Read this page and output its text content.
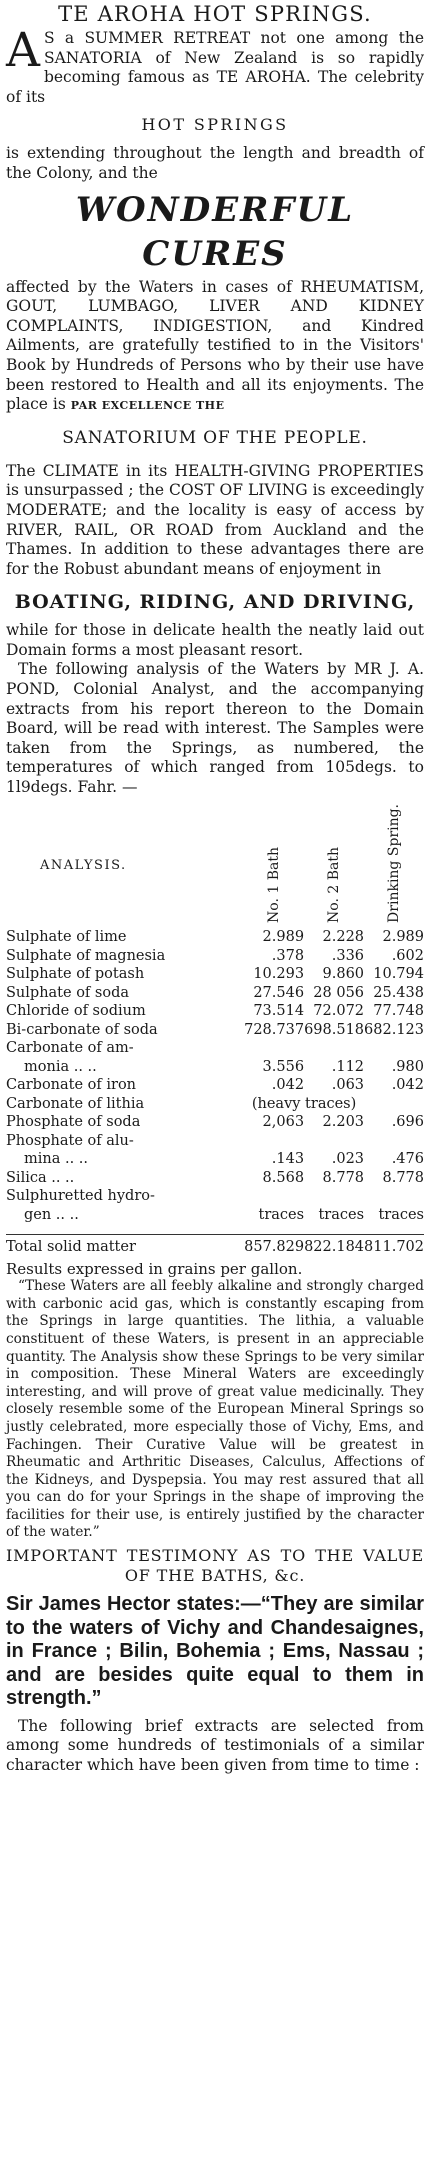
TE AROHA HOT SPRINGS.

A S a SUMMER RETREAT not one among the SANATORIA of New Zealand is so rapidly becoming famous as TE AROHA. The celebrity of its

HOT SPRINGS

is extending throughout the length and breadth of the Colony, and the

WONDERFUL CURES

affected by the Waters in cases of RHEUMATISM, GOUT, LUMBAGO, LIVER AND KIDNEY COMPLAINTS, INDIGESTION, and Kindred Ailments, are gratefully testified to in the Visitors' Book by Hundreds of Persons who by their use have been restored to Health and all its enjoyments. The place is PAR EXCELLENCE THE

SANATORIUM OF THE PEOPLE.

The CLIMATE in its HEALTH-GIVING PROPERTIES is unsurpassed ; the COST OF LIVING is exceedingly MODERATE; and the locality is easy of access by RIVER, RAIL, OR ROAD from Auckland and the Thames. In addition to these advantages there are for the Robust abundant means of enjoyment in

BOATING, RIDING, AND DRIVING,

while for those in delicate health the neatly laid out Domain forms a most pleasant resort.

The following analysis of the Waters by MR J. A. POND, Colonial Analyst, and the accompanying extracts from his report thereon to the Domain Board, will be read with interest. The Samples were taken from the Springs, as numbered, the temperatures of which ranged from 105degs. to 1l9degs. Fahr. —

ANALYSIS.	No. 1 Bath	No. 2 Bath	Drinking Spring.
Sulphate of lime	2.989	2.228	2.989
Sulphate of magnesia	.378	.336	.602
Sulphate of potash	10.293	9.860	10.794
Sulphate of soda	27.546	28 056	25.438
Chloride of sodium	73.514	72.072	77.748
Bi-carbonate of soda	728.737	698.518	682.123
Carbonate of am-			
monia .. ..	3.556	.112	.980
Carbonate of iron	.042	.063	.042
Carbonate of lithia	(heavy traces)		
Phosphate of soda	2,063	2.203	.696
Phosphate of alu-			
mina .. ..	.143	.023	.476
Silica .. ..	8.568	8.778	8.778
Sulphuretted hydro-			
gen .. ..	traces	traces	traces

Total solid matter	857.829	822.184	811.702

Results expressed in grains per gallon.

“These Waters are all feebly alkaline and strongly charged with carbonic acid gas, which is constantly escaping from the Springs in large quantities. The lithia, a valuable constituent of these Waters, is present in an appreciable quantity. The Analysis show these Springs to be very similar in composition. These Mineral Waters are exceedingly interesting, and will prove of great value medicinally. They closely resemble some of the European Mineral Springs so justly celebrated, more especially those of Vichy, Ems, and Fachingen. Their Curative Value will be greatest in Rheumatic and Arthritic Diseases, Calculus, Affections of the Kidneys, and Dyspepsia. You may rest assured that all you can do for your Springs in the shape of improving the facilities for their use, is entirely justified by the character of the water.”

IMPORTANT TESTIMONY AS TO THE VALUE OF THE BATHS, &c.

Sir James Hector states:—“They are similar to the waters of Vichy and Chandesaignes, in France ; Bilin, Bohemia ; Ems, Nassau ; and are besides quite equal to them in strength.”

The following brief extracts are selected from among some hundreds of testimonials of a similar character which have been given from time to time :
